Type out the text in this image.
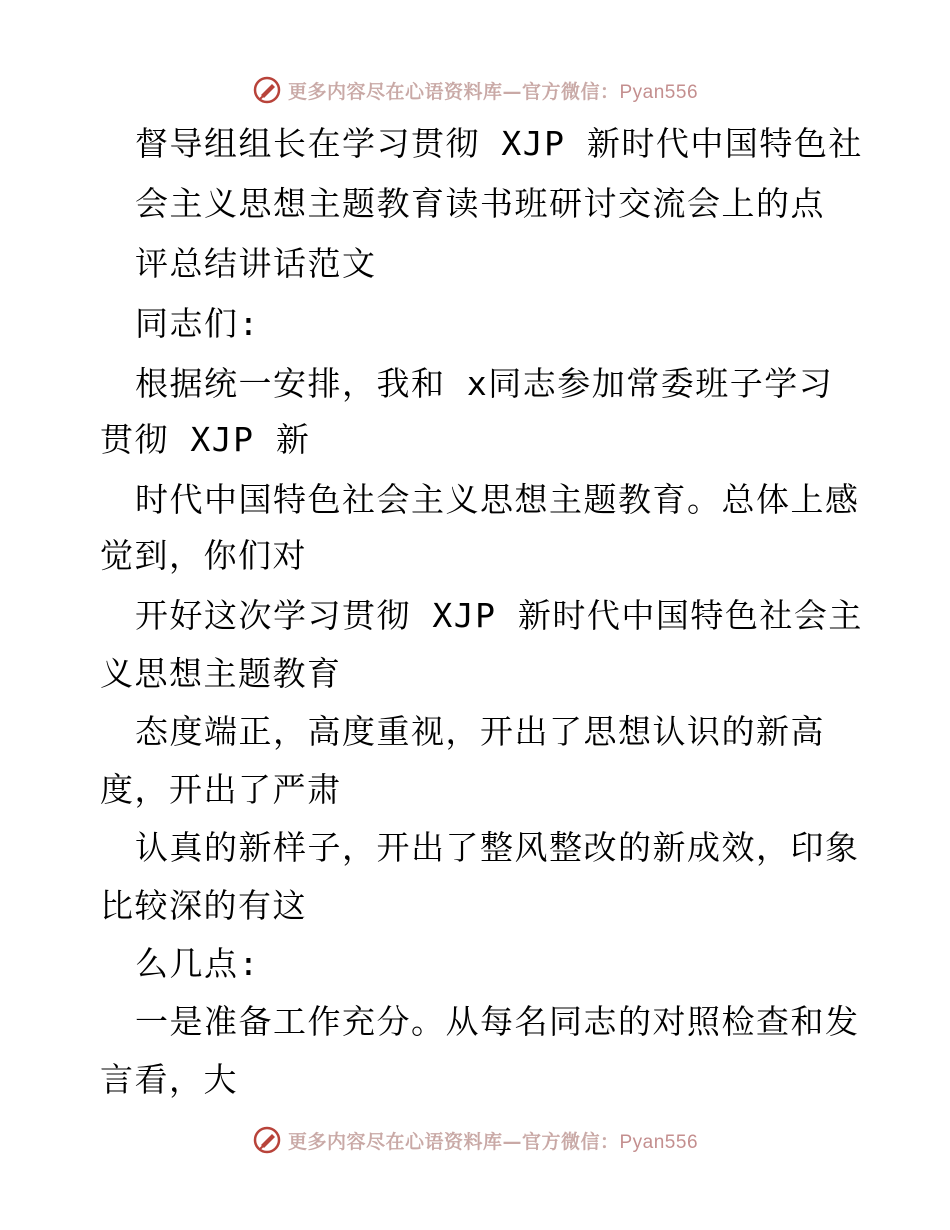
更多内容尽在心语资料库—官方微信：Pyan556
督导组组长在学习贯彻 XJP 新时代中国特色社
会主义思想主题教育读书班研讨交流会上的点
评总结讲话范文
同志们:
根据统一安排，我和 x同志参加常委班子学习
贯彻 XJP 新
时代中国特色社会主义思想主题教育。总体上感
觉到，你们对
开好这次学习贯彻 XJP 新时代中国特色社会主
义思想主题教育
态度端正，高度重视，开出了思想认识的新高
度，开出了严肃
认真的新样子，开出了整风整改的新成效，印象
比较深的有这
么几点:
一是准备工作充分。从每名同志的对照检查和发
言看，大
更多内容尽在心语资料库—官方微信：Pyan556
